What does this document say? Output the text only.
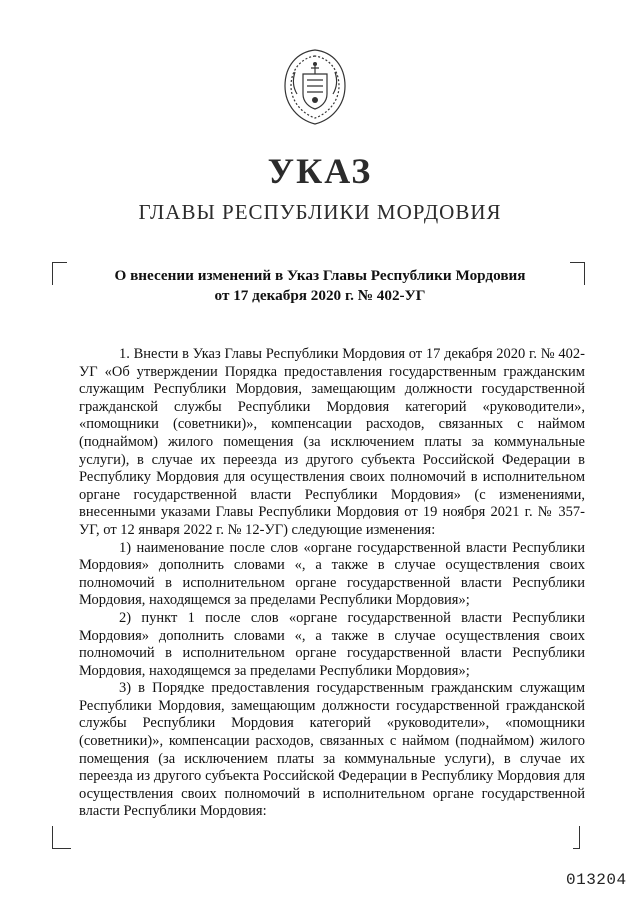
УКАЗ
ГЛАВЫ РЕСПУБЛИКИ МОРДОВИЯ
О внесении изменений в Указ Главы Республики Мордовия
от 17 декабря 2020 г. № 402-УГ

1. Внести в Указ Главы Республики Мордовия от 17 декабря 2020 г. № 402-УГ «Об утверждении Порядка предоставления государственным гражданским служащим Республики Мордовия, замещающим должности государственной гражданской службы Республики Мордовия категорий «руководители», «помощники (советники)», компенсации расходов, связанных с наймом (поднаймом) жилого помещения (за исключением платы за коммунальные услуги), в случае их переезда из другого субъекта Российской Федерации в Республику Мордовия для осуществления своих полномочий в исполнительном органе государственной власти Республики Мордовия» (с изменениями, внесенными указами Главы Республики Мордовия от 19 ноября 2021 г. № 357-УГ, от 12 января 2022 г. № 12-УГ) следующие изменения:

1) наименование после слов «органе государственной власти Республики Мордовия» дополнить словами «, а также в случае осуществления своих полномочий в исполнительном органе государственной власти Республики Мордовия, находящемся за пределами Республики Мордовия»;

2) пункт 1 после слов «органе государственной власти Республики Мордовия» дополнить словами «, а также в случае осуществления своих полномочий в исполнительном органе государственной власти Республики Мордовия, находящемся за пределами Республики Мордовия»;

3) в Порядке предоставления государственным гражданским служащим Республики Мордовия, замещающим должности государственной гражданской службы Республики Мордовия категорий «руководители», «помощники (советники)», компенсации расходов, связанных с наймом (поднаймом) жилого помещения (за исключением платы за коммунальные услуги), в случае их переезда из другого субъекта Российской Федерации в Республику Мордовия для осуществления своих полномочий в исполнительном органе государственной власти Республики Мордовия:

013204
